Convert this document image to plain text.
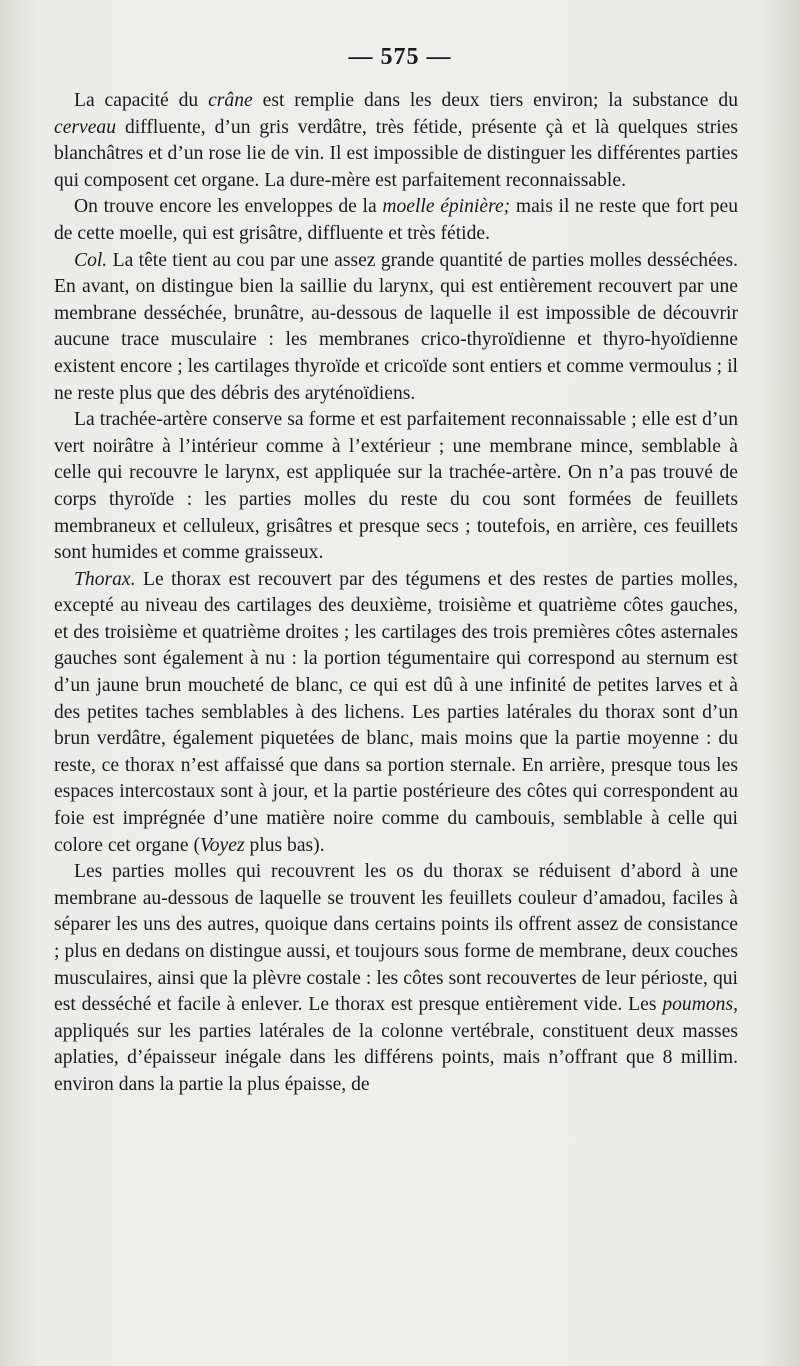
— 575 —

La capacité du crâne est remplie dans les deux tiers environ; la substance du cerveau diffluente, d’un gris verdâtre, très fétide, présente çà et là quelques stries blanchâtres et d’un rose lie de vin. Il est impossible de distinguer les différentes parties qui composent cet organe. La dure-mère est parfaitement reconnaissable.

On trouve encore les enveloppes de la moelle épinière; mais il ne reste que fort peu de cette moelle, qui est grisâtre, diffluente et très fétide.

Col. La tête tient au cou par une assez grande quantité de parties molles desséchées. En avant, on distingue bien la saillie du larynx, qui est entièrement recouvert par une membrane desséchée, brunâtre, au-dessous de laquelle il est impossible de découvrir aucune trace musculaire : les membranes crico-thyroïdienne et thyro-hyoïdienne existent encore ; les cartilages thyroïde et cricoïde sont entiers et comme vermoulus ; il ne reste plus que des débris des aryténoïdiens.

La trachée-artère conserve sa forme et est parfaitement reconnaissable ; elle est d’un vert noirâtre à l’intérieur comme à l’extérieur ; une membrane mince, semblable à celle qui recouvre le larynx, est appliquée sur la trachée-artère. On n’a pas trouvé de corps thyroïde : les parties molles du reste du cou sont formées de feuillets membraneux et celluleux, grisâtres et presque secs ; toutefois, en arrière, ces feuillets sont humides et comme graisseux.

Thorax. Le thorax est recouvert par des tégumens et des restes de parties molles, excepté au niveau des cartilages des deuxième, troisième et quatrième côtes gauches, et des troisième et quatrième droites ; les cartilages des trois premières côtes asternales gauches sont également à nu : la portion tégumentaire qui correspond au sternum est d’un jaune brun moucheté de blanc, ce qui est dû à une infinité de petites larves et à des petites taches semblables à des lichens. Les parties latérales du thorax sont d’un brun verdâtre, également piquetées de blanc, mais moins que la partie moyenne : du reste, ce thorax n’est affaissé que dans sa portion sternale. En arrière, presque tous les espaces intercostaux sont à jour, et la partie postérieure des côtes qui correspondent au foie est imprégnée d’une matière noire comme du cambouis, semblable à celle qui colore cet organe (Voyez plus bas).

Les parties molles qui recouvrent les os du thorax se réduisent d’abord à une membrane au-dessous de laquelle se trouvent les feuillets couleur d’amadou, faciles à séparer les uns des autres, quoique dans certains points ils offrent assez de consistance ; plus en dedans on distingue aussi, et toujours sous forme de membrane, deux couches musculaires, ainsi que la plèvre costale : les côtes sont recouvertes de leur périoste, qui est desséché et facile à enlever. Le thorax est presque entièrement vide. Les poumons, appliqués sur les parties latérales de la colonne vertébrale, constituent deux masses aplaties, d’épaisseur inégale dans les différens points, mais n’offrant que 8 millim. environ dans la partie la plus épaisse, de
